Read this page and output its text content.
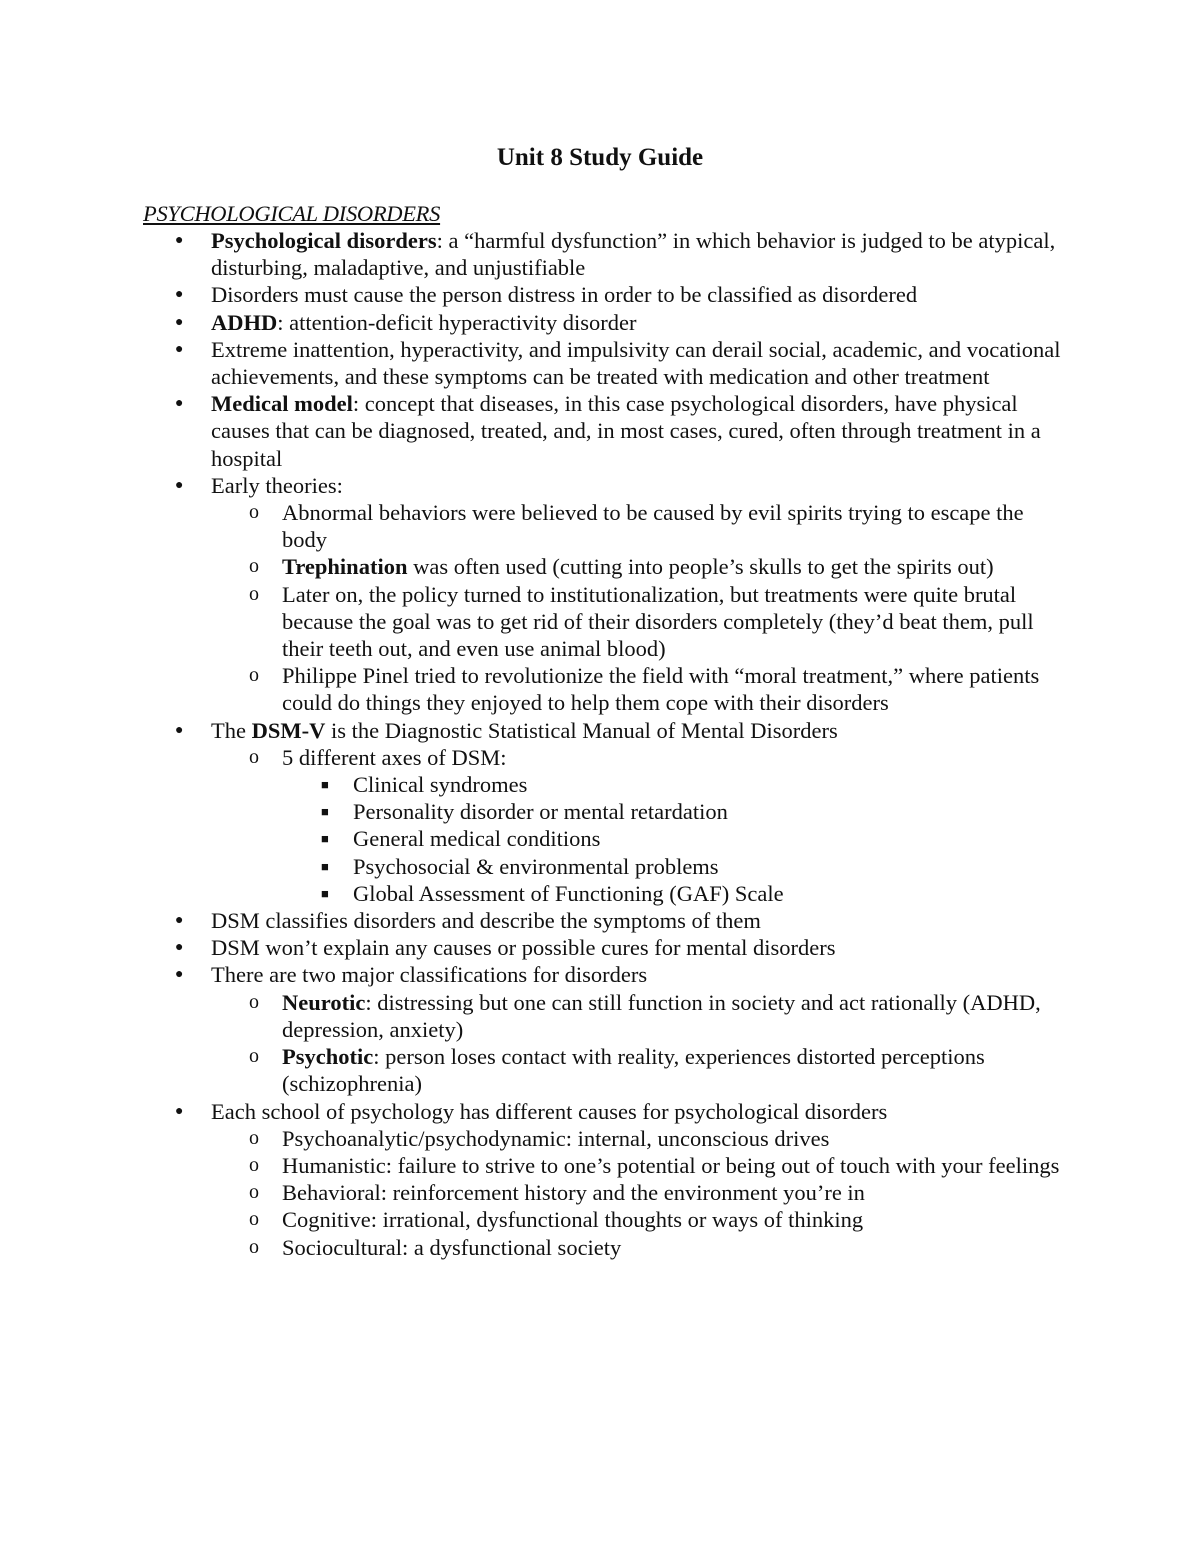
Unit 8 Study Guide
PSYCHOLOGICAL DISORDERS
● Psychological disorders: a “harmful dysfunction” in which behavior is judged to be atypical, disturbing, maladaptive, and unjustifiable
● Disorders must cause the person distress in order to be classified as disordered
● ADHD: attention-deficit hyperactivity disorder
● Extreme inattention, hyperactivity, and impulsivity can derail social, academic, and vocational achievements, and these symptoms can be treated with medication and other treatment
● Medical model: concept that diseases, in this case psychological disorders, have physical causes that can be diagnosed, treated, and, in most cases, cured, often through treatment in a hospital
● Early theories:
o Abnormal behaviors were believed to be caused by evil spirits trying to escape the body
o Trephination was often used (cutting into people’s skulls to get the spirits out)
o Later on, the policy turned to institutionalization, but treatments were quite brutal because the goal was to get rid of their disorders completely (they’d beat them, pull their teeth out, and even use animal blood)
o Philippe Pinel tried to revolutionize the field with “moral treatment,” where patients could do things they enjoyed to help them cope with their disorders
● The DSM-V is the Diagnostic Statistical Manual of Mental Disorders
o 5 different axes of DSM:
■ Clinical syndromes
■ Personality disorder or mental retardation
■ General medical conditions
■ Psychosocial & environmental problems
■ Global Assessment of Functioning (GAF) Scale
● DSM classifies disorders and describe the symptoms of them
● DSM won’t explain any causes or possible cures for mental disorders
● There are two major classifications for disorders
o Neurotic: distressing but one can still function in society and act rationally (ADHD, depression, anxiety)
o Psychotic: person loses contact with reality, experiences distorted perceptions (schizophrenia)
● Each school of psychology has different causes for psychological disorders
o Psychoanalytic/psychodynamic: internal, unconscious drives
o Humanistic: failure to strive to one’s potential or being out of touch with your feelings
o Behavioral: reinforcement history and the environment you’re in
o Cognitive: irrational, dysfunctional thoughts or ways of thinking
o Sociocultural: a dysfunctional society
